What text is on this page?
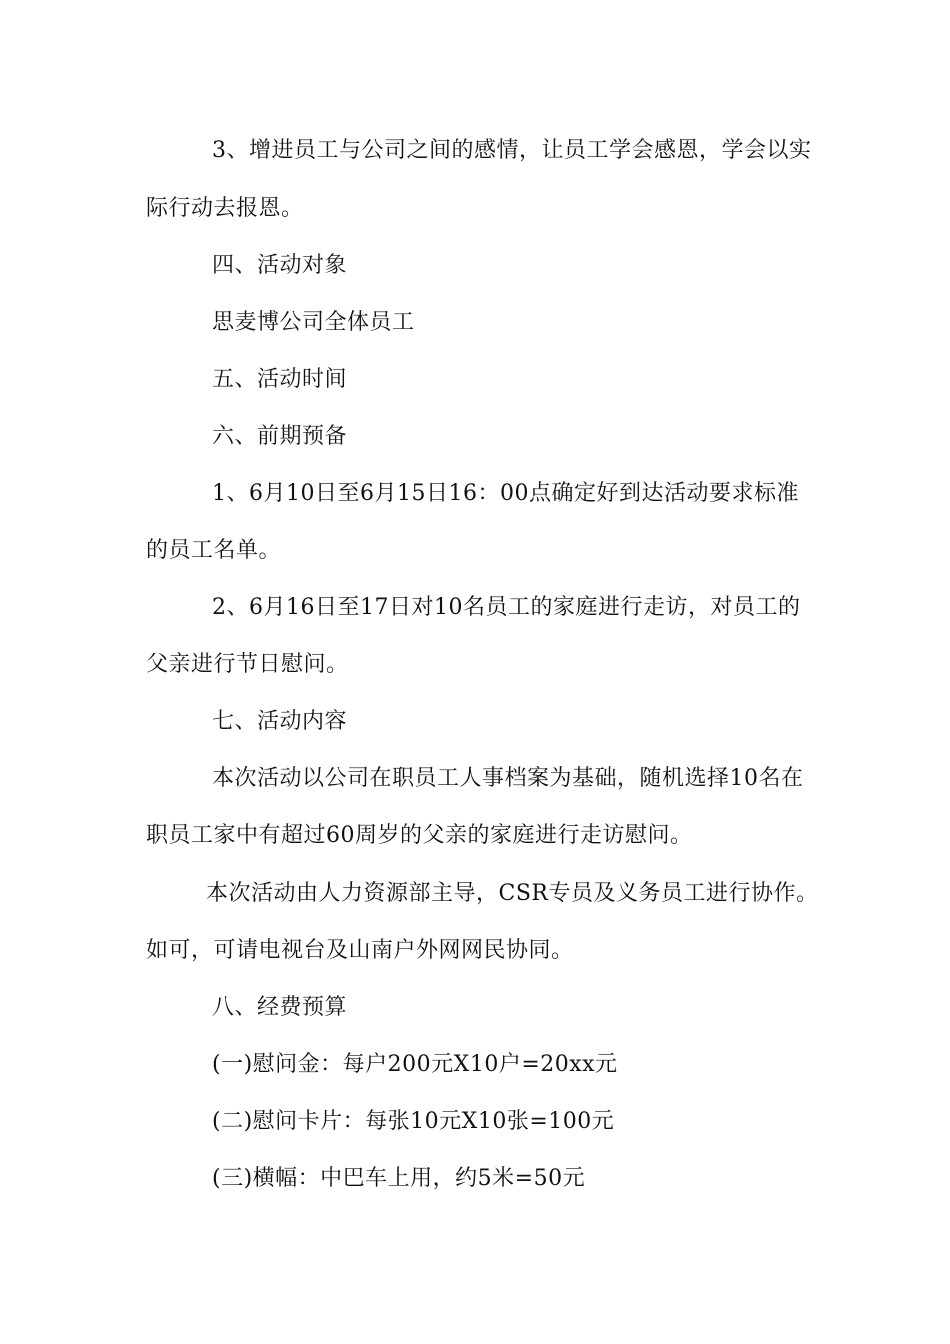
3、增进员工与公司之间的感情，让员工学会感恩，学会以实
际行动去报恩。
四、活动对象
思麦博公司全体员工
五、活动时间
六、前期预备
1、6月10日至6月15日16：00点确定好到达活动要求标准
的员工名单。
2、6月16日至17日对10名员工的家庭进行走访，对员工的
父亲进行节日慰问。
七、活动内容
本次活动以公司在职员工人事档案为基础，随机选择10名在
职员工家中有超过60周岁的父亲的家庭进行走访慰问。
本次活动由人力资源部主导，CSR专员及义务员工进行协作。
如可，可请电视台及山南户外网网民协同。
八、经费预算
(一)慰问金：每户200元X10户=20xx元
(二)慰问卡片：每张10元X10张=100元
(三)横幅：中巴车上用，约5米=50元
